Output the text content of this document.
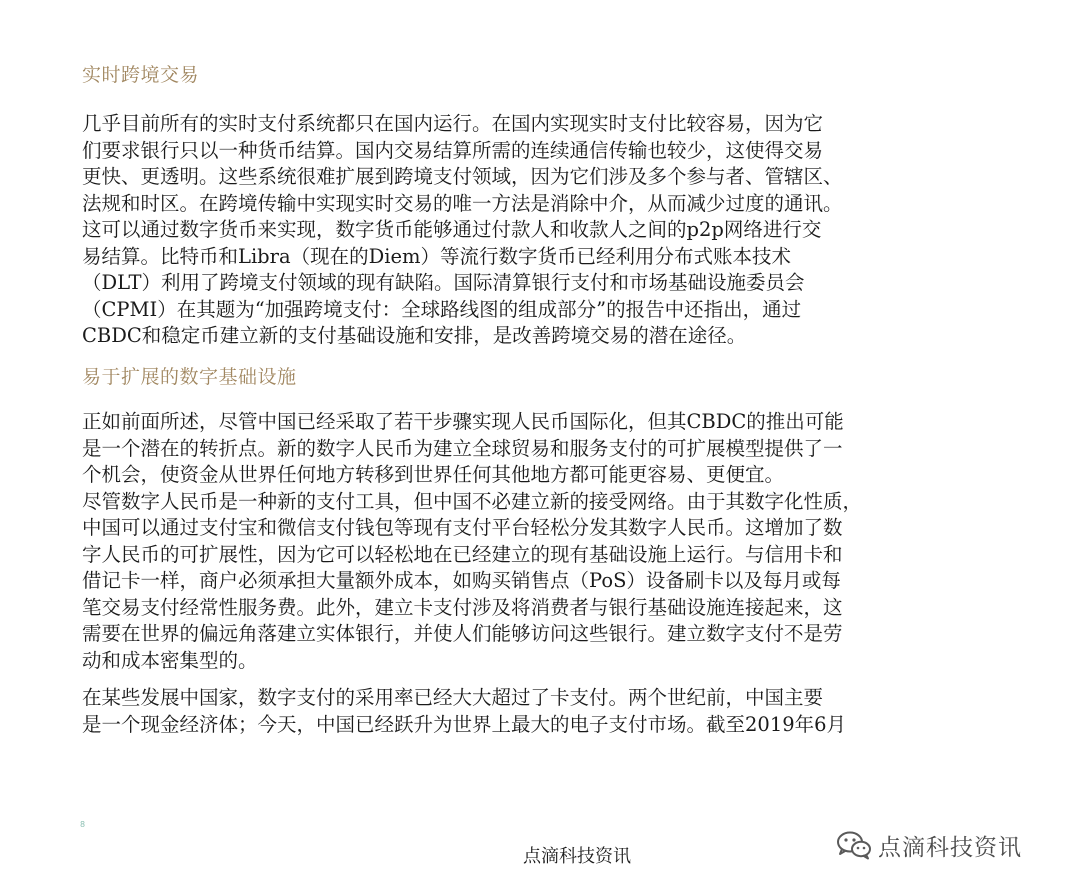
实时跨境交易
几乎目前所有的实时支付系统都只在国内运行。在国内实现实时支付比较容易，因为它
们要求银行只以一种货币结算。国内交易结算所需的连续通信传输也较少，这使得交易
更快、更透明。这些系统很难扩展到跨境支付领域，因为它们涉及多个参与者、管辖区、
法规和时区。在跨境传输中实现实时交易的唯一方法是消除中介，从而减少过度的通讯。
这可以通过数字货币来实现，数字货币能够通过付款人和收款人之间的p2p网络进行交
易结算。比特币和Libra（现在的Diem）等流行数字货币已经利用分布式账本技术
（DLT）利用了跨境支付领域的现有缺陷。国际清算银行支付和市场基础设施委员会
（CPMI）在其题为“加强跨境支付：全球路线图的组成部分”的报告中还指出，通过
CBDC和稳定币建立新的支付基础设施和安排，是改善跨境交易的潜在途径。
易于扩展的数字基础设施
正如前面所述，尽管中国已经采取了若干步骤实现人民币国际化，但其CBDC的推出可能
是一个潜在的转折点。新的数字人民币为建立全球贸易和服务支付的可扩展模型提供了一
个机会，使资金从世界任何地方转移到世界任何其他地方都可能更容易、更便宜。
尽管数字人民币是一种新的支付工具，但中国不必建立新的接受网络。由于其数字化性质，
中国可以通过支付宝和微信支付钱包等现有支付平台轻松分发其数字人民币。这增加了数
字人民币的可扩展性，因为它可以轻松地在已经建立的现有基础设施上运行。与信用卡和
借记卡一样，商户必须承担大量额外成本，如购买销售点（PoS）设备刷卡以及每月或每
笔交易支付经常性服务费。此外，建立卡支付涉及将消费者与银行基础设施连接起来，这
需要在世界的偏远角落建立实体银行，并使人们能够访问这些银行。建立数字支付不是劳
动和成本密集型的。
在某些发展中国家，数字支付的采用率已经大大超过了卡支付。两个世纪前，中国主要
是一个现金经济体；今天，中国已经跃升为世界上最大的电子支付市场。截至2019年6月
8
点滴科技资讯	点滴科技资讯
